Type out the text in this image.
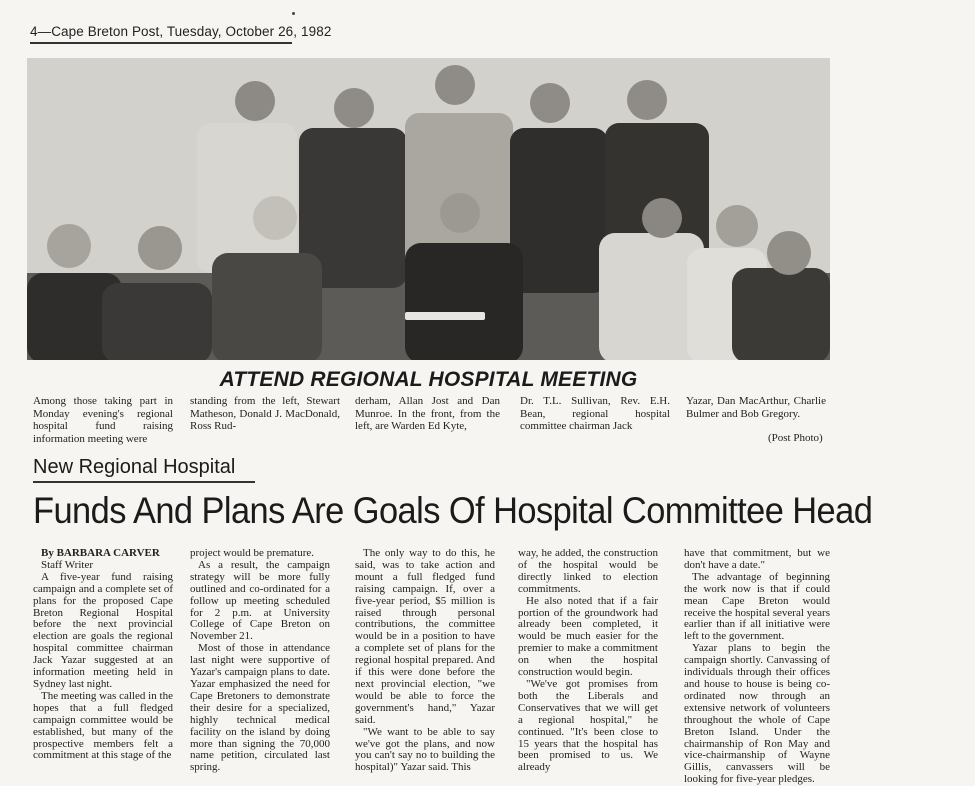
4—Cape Breton Post, Tuesday, October 26, 1982
ATTEND REGIONAL HOSPITAL MEETING
Among those taking part in Monday evening's regional hospital fund raising information meeting were
standing from the left, Stewart Matheson, Donald J. MacDonald, Ross Rud-
derham, Allan Jost and Dan Munroe. In the front, from the left, are Warden Ed Kyte,
Dr. T.L. Sullivan, Rev. E.H. Bean, regional hospital committee chairman Jack
Yazar, Dan MacArthur, Charlie Bulmer and Bob Gregory.
(Post Photo)
New Regional Hospital
Funds And Plans Are Goals Of Hospital Committee Head

By BARBARA CARVER

Staff Writer

A five-year fund raising campaign and a complete set of plans for the proposed Cape Breton Regional Hospital before the next provincial election are goals the regional hospital committee chairman Jack Yazar suggested at an information meeting held in Sydney last night.

The meeting was called in the hopes that a full fledged campaign committee would be established, but many of the prospective members felt a commitment at this stage of the

project would be premature.

As a result, the campaign strategy will be more fully outlined and co-ordinated for a follow up meeting scheduled for 2 p.m. at University College of Cape Breton on November 21.

Most of those in attendance last night were supportive of Yazar's campaign plans to date. Yazar emphasized the need for Cape Bretoners to demonstrate their desire for a specialized, highly technical medical facility on the island by doing more than signing the 70,000 name petition, circulated last spring.

The only way to do this, he said, was to take action and mount a full fledged fund raising campaign. If, over a five-year period, $5 million is raised through personal contributions, the committee would be in a position to have a complete set of plans for the regional hospital prepared. And if this were done before the next provincial election, "we would be able to force the government's hand," Yazar said.

"We want to be able to say we've got the plans, and now you can't say no to building the hospital)" Yazar said. This

way, he added, the construction of the hospital would be directly linked to election commitments.

He also noted that if a fair portion of the groundwork had already been completed, it would be much easier for the premier to make a commitment on when the hospital construction would begin.

"We've got promises from both the Liberals and Conservatives that we will get a regional hospital," he continued. "It's been close to 15 years that the hospital has been promised to us. We already

have that commitment, but we don't have a date."

The advantage of beginning the work now is that if could mean Cape Breton would receive the hospital several years earlier than if all initiative were left to the government.

Yazar plans to begin the campaign shortly. Canvassing of individuals through their offices and house to house is being co-ordinated now through an extensive network of volunteers throughout the whole of Cape Breton Island. Under the chairmanship of Ron May and vice-chairmanship of Wayne Gillis, canvassers will be looking for five-year pledges.
